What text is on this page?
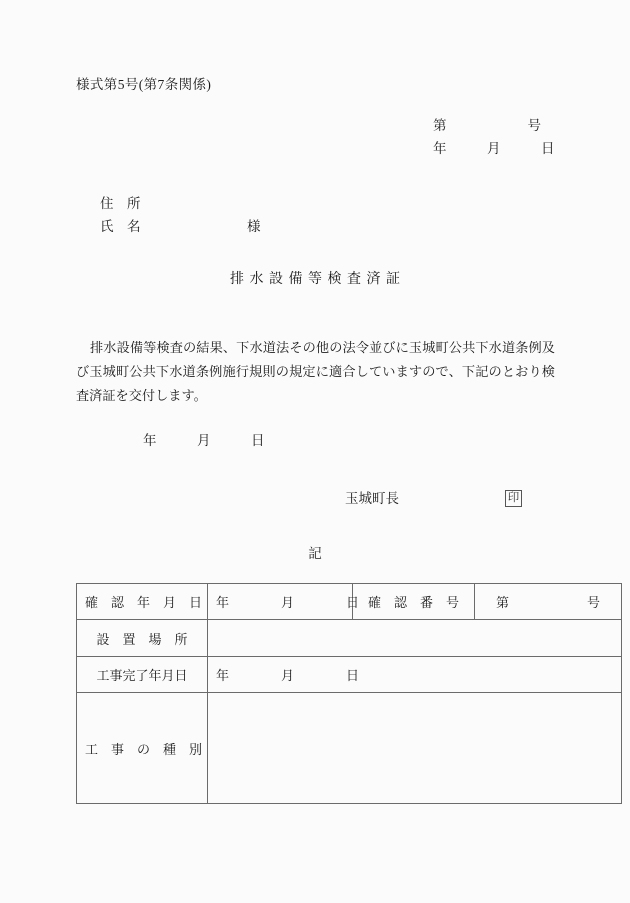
様式第5号(第7条関係)
第　　　　　　号
年　　　月　　　日
住　所
氏　名	様
排水設備等検査済証
排水設備等検査の結果、下水道法その他の法令並びに玉城町公共下水道条例及び玉城町公共下水道条例施行規則の規定に適合していますので、下記のとおり検査済証を交付します。
年　　　月　　　日
玉城町長	印
記
確　認　年　月　日	年　　　　月　　　　日	確　認　番　号	第　　　　　　号
設　置　場　所			
工事完了年月日	年　　　　月　　　　日		
工　事　の　種　別			
